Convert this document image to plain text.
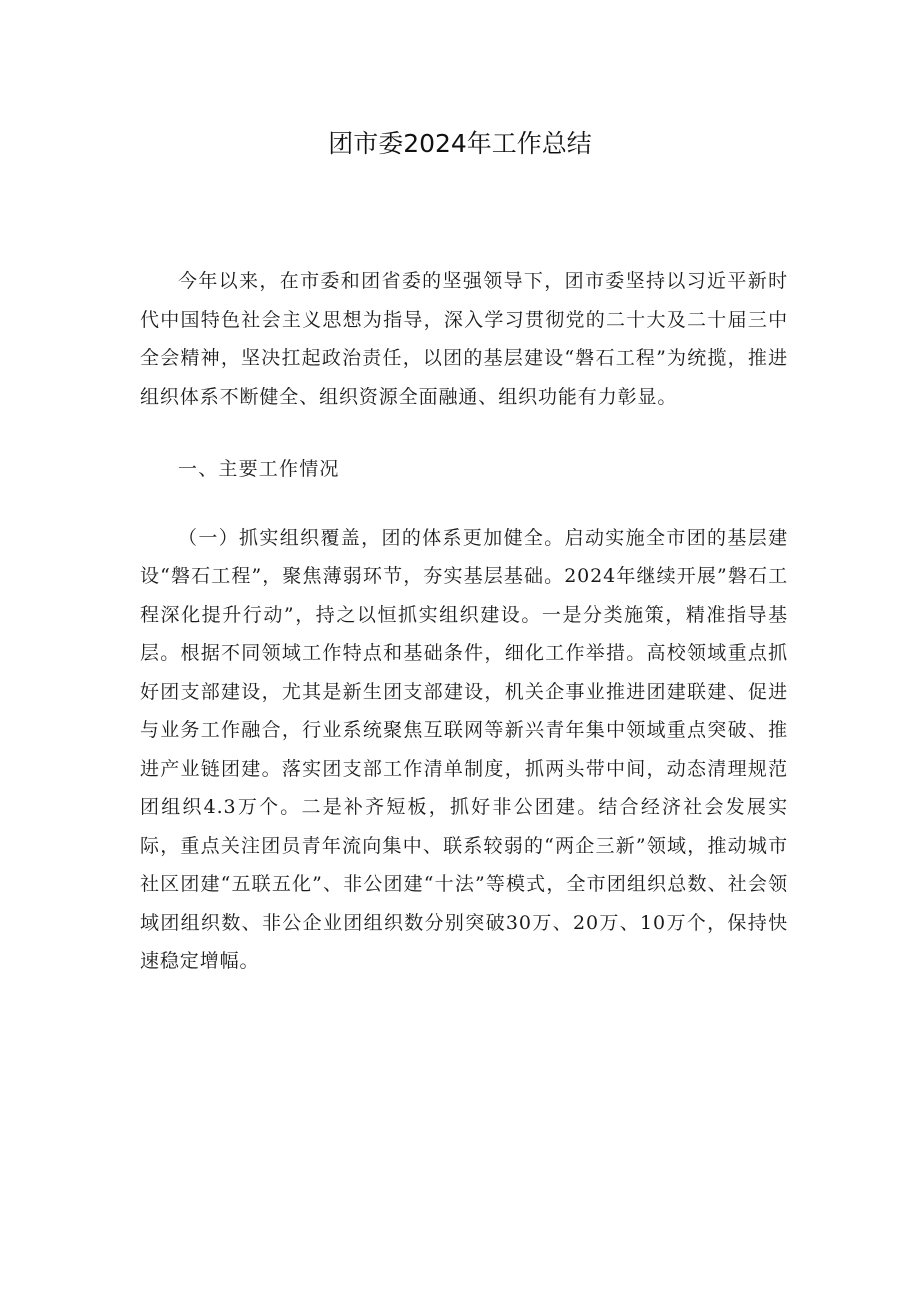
团市委2024年工作总结

今年以来，在市委和团省委的坚强领导下，团市委坚持以习近平新时代中国特色社会主义思想为指导，深入学习贯彻党的二十大及二十届三中全会精神，坚决扛起政治责任，以团的基层建设“磐石工程”为统揽，推进组织体系不断健全、组织资源全面融通、组织功能有力彰显。

一、主要工作情况

（一）抓实组织覆盖，团的体系更加健全。启动实施全市团的基层建设“磐石工程”，聚焦薄弱环节，夯实基层基础。2024年继续开展”磐石工程深化提升行动”，持之以恒抓实组织建设。一是分类施策，精准指导基层。根据不同领域工作特点和基础条件，细化工作举措。高校领域重点抓好团支部建设，尤其是新生团支部建设，机关企事业推进团建联建、促进与业务工作融合，行业系统聚焦互联网等新兴青年集中领域重点突破、推进产业链团建。落实团支部工作清单制度，抓两头带中间，动态清理规范团组织4.3万个。二是补齐短板，抓好非公团建。结合经济社会发展实际，重点关注团员青年流向集中、联系较弱的“两企三新”领域，推动城市社区团建“五联五化”、非公团建“十法”等模式，全市团组织总数、社会领域团组织数、非公企业团组织数分别突破30万、20万、10万个，保持快速稳定增幅。
